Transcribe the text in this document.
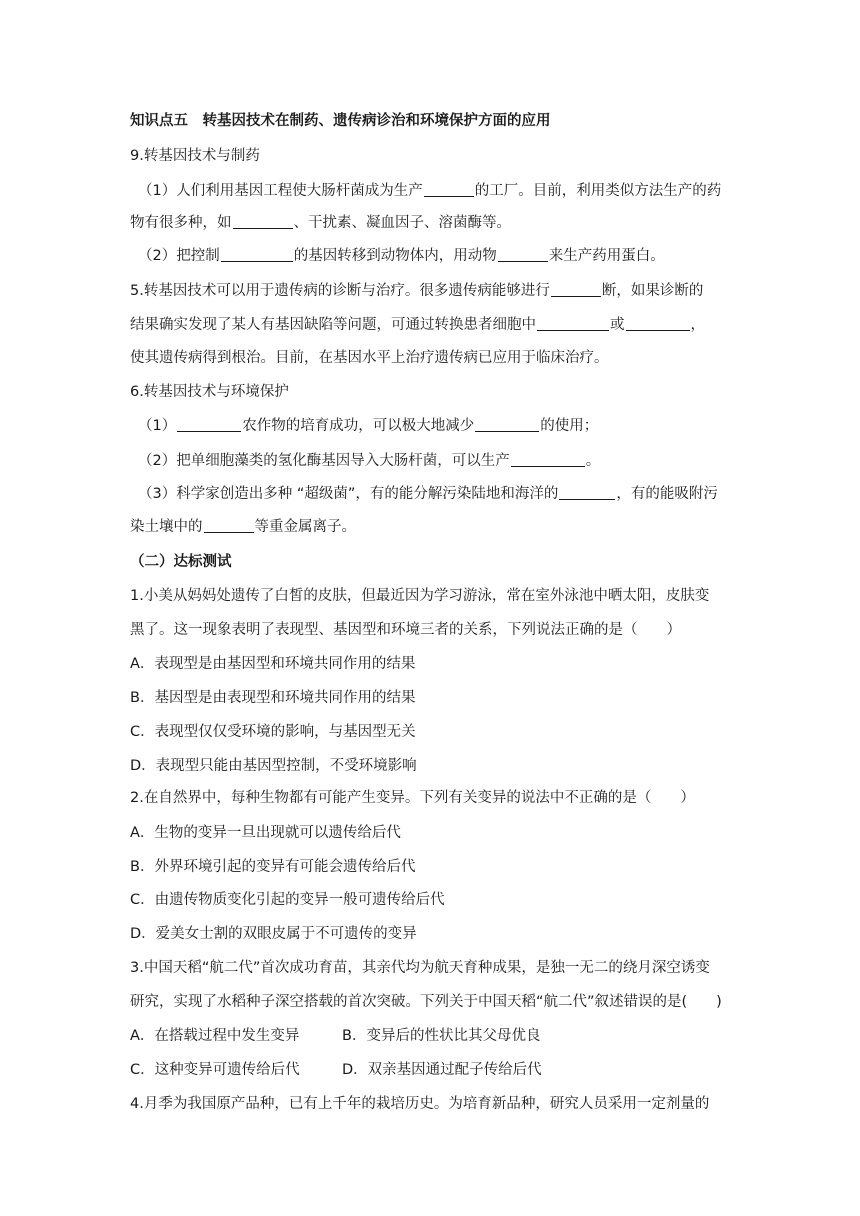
知识点五　转基因技术在制药、遗传病诊治和环境保护方面的应用
9.转基因技术与制药
（1）人们利用基因工程使大肠杆菌成为生产	的工厂。目前，利用类似方法生产的药
物有很多种，如	、干扰素、凝血因子、溶菌酶等。
（2）把控制	的基因转移到动物体内，用动物	来生产药用蛋白。
5.转基因技术可以用于遗传病的诊断与治疗。很多遗传病能够进行	断，如果诊断的
结果确实发现了某人有基因缺陷等问题，可通过转换患者细胞中	或	，
使其遗传病得到根治。目前，在基因水平上治疗遗传病已应用于临床治疗。
6.转基因技术与环境保护
（1）	农作物的培育成功，可以极大地减少	的使用；
（2）把单细胞藻类的氢化酶基因导入大肠杆菌，可以生产	。
（3）科学家创造出多种 “超级菌”，有的能分解污染陆地和海洋的	，有的能吸附污
染土壤中的	等重金属离子。
（二）达标测试
1.小美从妈妈处遗传了白皙的皮肤，但最近因为学习游泳，常在室外泳池中晒太阳，皮肤变
黑了。这一现象表明了表现型、基因型和环境三者的关系，下列说法正确的是（　　）
A．表现型是由基因型和环境共同作用的结果
B．基因型是由表现型和环境共同作用的结果
C．表现型仅仅受环境的影响，与基因型无关
D．表现型只能由基因型控制，不受环境影响
2.在自然界中，每种生物都有可能产生变异。下列有关变异的说法中不正确的是（　　）
A．生物的变异一旦出现就可以遗传给后代
B．外界环境引起的变异有可能会遗传给后代
C．由遗传物质变化引起的变异一般可遗传给后代
D．爱美女士割的双眼皮属于不可遗传的变异
3.中国天稻“航二代”首次成功育苗，其亲代均为航天育种成果，是独一无二的绕月深空诱变
研究，实现了水稻种子深空搭载的首次突破。下列关于中国天稻“航二代”叙述错误的是(　　)
A．在搭载过程中发生变异	B．变异后的性状比其父母优良
C．这种变异可遗传给后代	D．双亲基因通过配子传给后代
4.月季为我国原产品种，已有上千年的栽培历史。为培育新品种，研究人员采用一定剂量的
